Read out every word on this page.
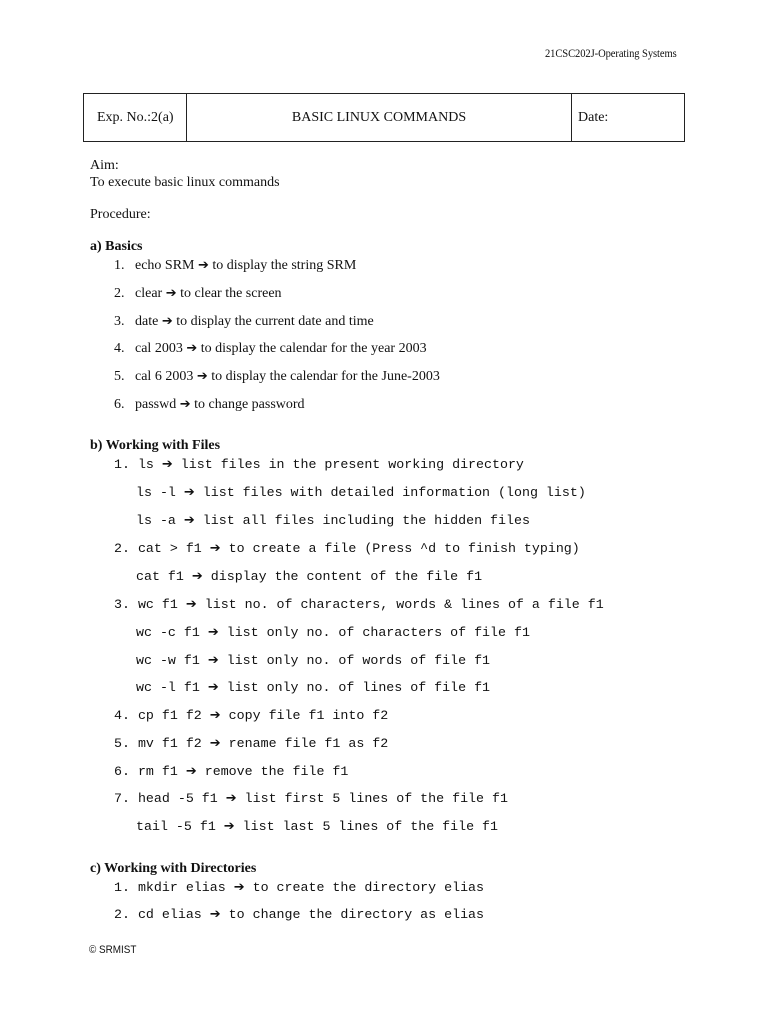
21CSC202J-Operating Systems
Exp. No.:2(a)	BASIC LINUX COMMANDS	Date:
Aim:
To execute basic linux commands
Procedure:
a) Basics
1. echo SRM ➔ to display the string SRM
2. clear ➔ to clear the screen
3. date ➔ to display the current date and time
4. cal 2003 ➔ to display the calendar for the year 2003
5. cal 6 2003 ➔ to display the calendar for the June-2003
6. passwd ➔ to change password
b) Working with Files
1. ls ➔ list files in the present working directory
ls -l ➔ list files with detailed information (long list)
ls -a ➔ list all files including the hidden files
2. cat > f1 ➔ to create a file (Press ^d to finish typing)
cat f1 ➔ display the content of the file f1
3. wc f1 ➔ list no. of characters, words & lines of a file f1
wc -c f1 ➔ list only no. of characters of file f1
wc -w f1 ➔ list only no. of words of file f1
wc -l f1 ➔ list only no. of lines of file f1
4. cp f1 f2 ➔ copy file f1 into f2
5. mv f1 f2 ➔ rename file f1 as f2
6. rm f1 ➔ remove the file f1
7. head -5 f1 ➔ list first 5 lines of the file f1
tail -5 f1 ➔ list last 5 lines of the file f1
c) Working with Directories
1. mkdir elias ➔ to create the directory elias
2. cd elias ➔ to change the directory as elias
© SRMIST
